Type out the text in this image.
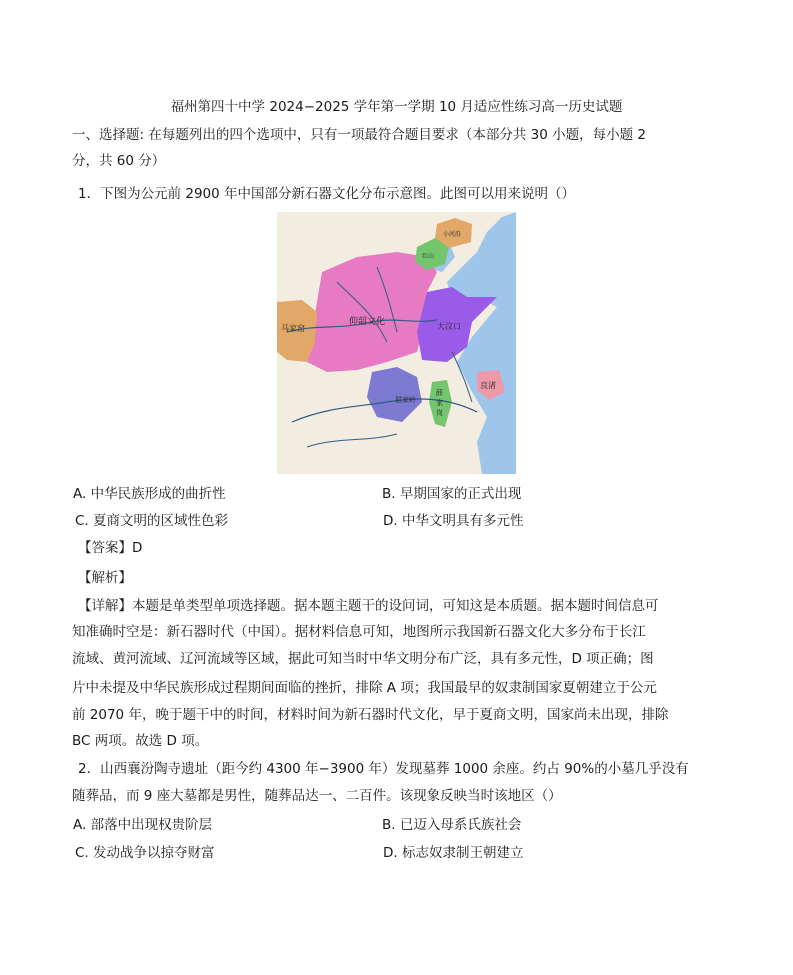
福州第四十中学 2024−2025 学年第一学期 10 月适应性练习高一历史试题
一、选择题: 在每题列出的四个选项中，只有一项最符合题目要求（本部分共 30 小题，每小题 2
分，共 60 分）
1．下图为公元前 2900 年中国部分新石器文化分布示意图。此图可以用来说明（）
仰韶文化	大汶口
马家窑
屈家岭
薛
家
岗
良渚
红山
小河沿
A. 中华民族形成的曲折性	B. 早期国家的正式出现
C. 夏商文明的区域性色彩	D. 中华文明具有多元性
【答案】D
【解析】
【详解】本题是单类型单项选择题。据本题主题干的设问词，可知这是本质题。据本题时间信息可
知准确时空是：新石器时代（中国）。据材料信息可知，地图所示我国新石器文化大多分布于长江
流域、黄河流域、辽河流域等区域，据此可知当时中华文明分布广泛，具有多元性，D 项正确；图
片中未提及中华民族形成过程期间面临的挫折，排除 A 项；我国最早的奴隶制国家夏朝建立于公元
前 2070 年，晚于题干中的时间，材料时间为新石器时代文化，早于夏商文明，国家尚未出现，排除
BC 两项。故选 D 项。
2．山西襄汾陶寺遗址（距今约 4300 年−3900 年）发现墓葬 1000 余座。约占 90%的小墓几乎没有
随葬品，而 9 座大墓都是男性，随葬品达一、二百件。该现象反映当时该地区（）
A. 部落中出现权贵阶层	B. 已迈入母系氏族社会
C. 发动战争以掠夺财富	D. 标志奴隶制王朝建立
